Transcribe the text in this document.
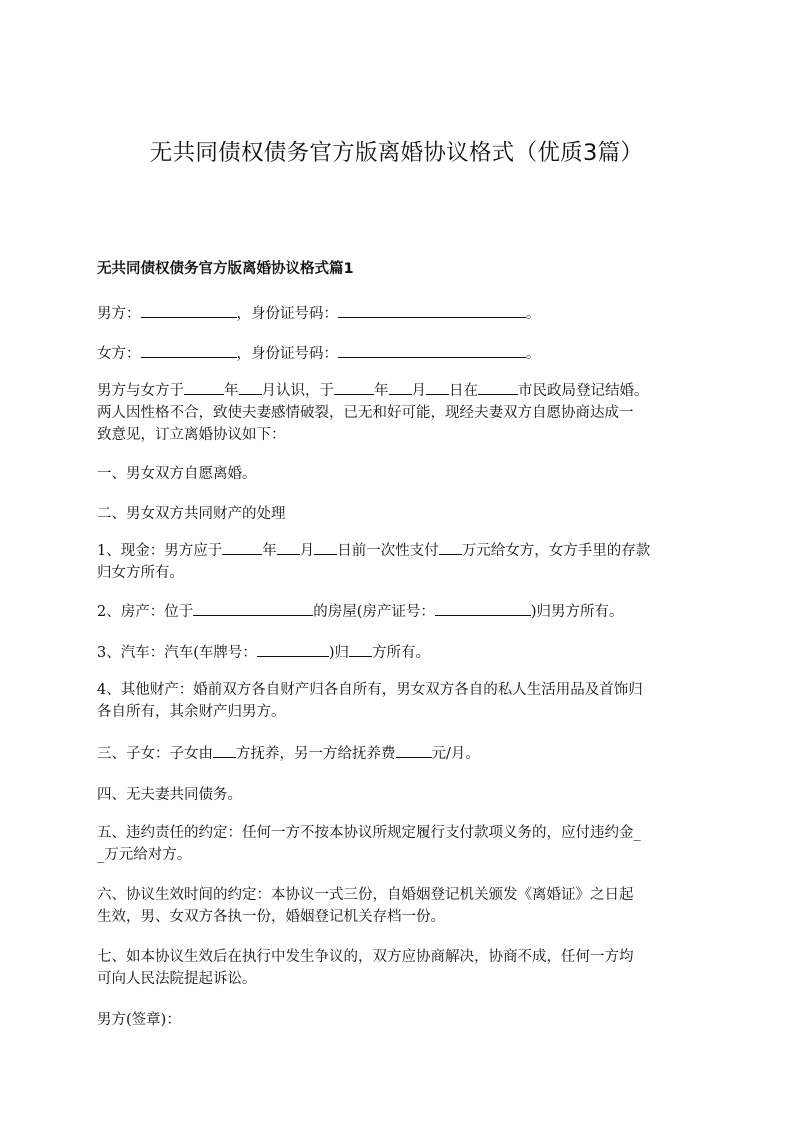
无共同债权债务官方版离婚协议格式（优质3篇）
无共同债权债务官方版离婚协议格式篇1

男方：	，身份证号码：	。

女方：	，身份证号码：	。

男方与女方于	年 月认识，于	年 月 日在	市民政局登记结婚。
两人因性格不合，致使夫妻感情破裂，已无和好可能，现经夫妻双方自愿协商达成一
致意见，订立离婚协议如下：

一、男女双方自愿离婚。

二、男女双方共同财产的处理

1、现金：男方应于	年 月 日前一次性支付 万元给女方，女方手里的存款
归女方所有。

2、房产：位于	的房屋(房产证号：	)归男方所有。

3、汽车：汽车(车牌号：	)归 方所有。

4、其他财产：婚前双方各自财产归各自所有，男女双方各自的私人生活用品及首饰归
各自所有，其余财产归男方。

三、子女：子女由 方抚养，另一方给抚养费 元/月。

四、无夫妻共同债务。

五、违约责任的约定：任何一方不按本协议所规定履行支付款项义务的，应付违约金_
_万元给对方。

六、协议生效时间的约定：本协议一式三份，自婚姻登记机关颁发《离婚证》之日起
生效，男、女双方各执一份，婚姻登记机关存档一份。

七、如本协议生效后在执行中发生争议的，双方应协商解决，协商不成，任何一方均
可向人民法院提起诉讼。

男方(签章)：
